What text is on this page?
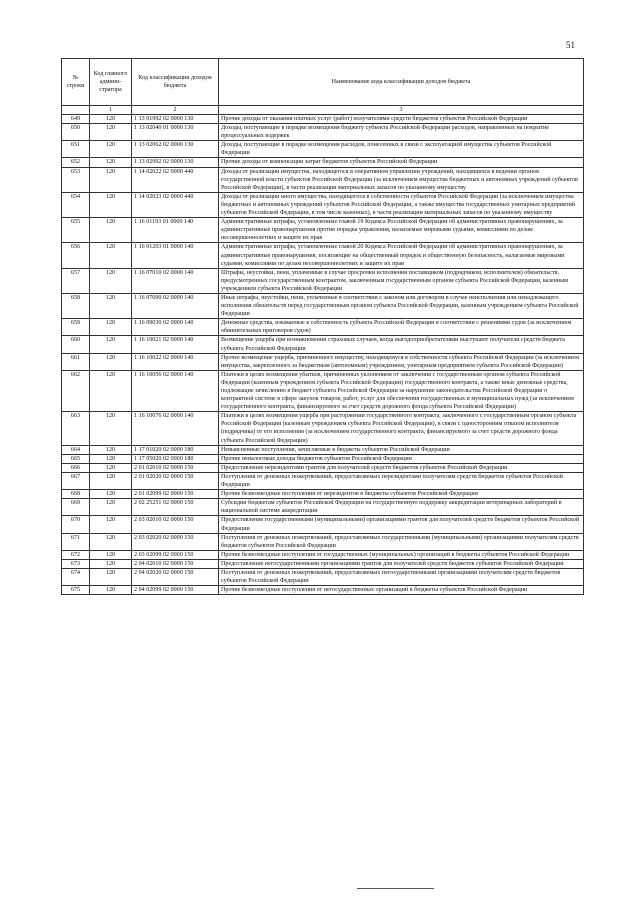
51
№ строки	Код главного админи-стратора	Код классификации доходов бюджета	Наименование кода классификации доходов бюджета
	1	2	3
649	120	1 13 01992 02 0000 130	Прочие доходы от оказания платных услуг (работ) получателями средств бюджетов субъектов Российской Федерации
650	120	1 13 02040 01 0000 130	Доходы, поступающие в порядке возмещения бюджету субъекта Российской Федерации расходов, направленных на покрытие процессуальных издержек
651	120	1 13 02062 02 0000 130	Доходы, поступающие в порядке возмещения расходов, понесенных в связи с эксплуатацией имущества субъектов Российской Федерации
652	120	1 13 02992 02 0000 130	Прочие доходы от компенсации затрат бюджетов субъектов Российской Федерации
653	120	1 14 02022 02 0000 440	Доходы от реализации имущества, находящегося в оперативном управлении учреждений, находящихся в ведении органов государственной власти субъектов Российской Федерации (за исключением имущества бюджетных и автономных учреждений субъектов Российской Федерации), в части реализации материальных запасов по указанному имуществу
654	120	1 14 02023 02 0000 440	Доходы от реализации иного имущества, находящегося в собственности субъектов Российской Федерации (за исключением имущества бюджетных и автономных учреждений субъектов Российской Федерации, а также имущества государственных унитарных предприятий субъектов Российской Федерации, в том числе казенных), в части реализации материальных запасов по указанному имуществу
655	120	1 16 01193 01 0000 140	Административные штрафы, установленные главой 19 Кодекса Российской Федерации об административных правонарушениях, за административные правонарушения против порядка управления, налагаемые мировыми судьями, комиссиями по делам несовершеннолетних и защите их прав
656	120	1 16 01203 01 0000 140	Административные штрафы, установленные главой 20 Кодекса Российской Федерации об административных правонарушениях, за административные правонарушения, посягающие на общественный порядок и общественную безопасность, налагаемые мировыми судьями, комиссиями по делам несовершеннолетних и защите их прав
657	120	1 16 07010 02 0000 140	Штрафы, неустойки, пени, уплаченные в случае просрочки исполнения поставщиком (подрядчиком, исполнителем) обязательств, предусмотренных государственным контрактом, заключенным государственным органом субъекта Российской Федерации, казенным учреждением субъекта Российской Федерации
658	120	1 16 07090 02 0000 140	Иные штрафы, неустойки, пени, уплаченные в соответствии с законом или договором в случае неисполнения или ненадлежащего исполнения обязательств перед государственным органом субъекта Российской Федерации, казенным учреждением субъекта Российской Федерации
659	120	1 16 09030 02 0000 140	Денежные средства, изымаемые в собственность субъекта Российской Федерации в соответствии с решениями судов (за исключением обвинительных приговоров судов)
660	120	1 16 10021 02 0000 140	Возмещение ущерба при возникновении страховых случаев, когда выгодоприобретателями выступают получатели средств бюджета субъекта Российской Федерации
661	120	1 16 10022 02 0000 140	Прочее возмещение ущерба, причиненного имуществу, находящемуся в собственности субъекта Российской Федерации (за исключением имущества, закрепленного за бюджетным (автономным) учреждением, унитарным предприятием субъекта Российской Федерации)
662	120	1 16 10056 02 0000 140	Платежи в целях возмещения убытков, причиненных уклонением от заключения с государственным органом субъекта Российской Федерации (казенным учреждением субъекта Российской Федерации) государственного контракта, а также иные денежные средства, подлежащие зачислению в бюджет субъекта Российской Федерации за нарушение законодательства Российской Федерации о контрактной системе в сфере закупок товаров, работ, услуг для обеспечения государственных и муниципальных нужд (за исключением государственного контракта, финансируемого за счет средств дорожного фонда субъекта Российской Федерации)
663	120	1 16 10076 02 0000 140	Платежи в целях возмещения ущерба при расторжении государственного контракта, заключенного с государственным органом субъекта Российской Федерации (казенным учреждением субъекта Российской Федерации), в связи с односторонним отказом исполнителя (подрядчика) от его исполнения (за исключением государственного контракта, финансируемого за счет средств дорожного фонда субъекта Российской Федерации)
664	120	1 17 01020 02 0000 180	Невыясненные поступления, зачисляемые в бюджеты субъектов Российской Федерации
665	120	1 17 05020 02 0000 180	Прочие неналоговые доходы бюджетов субъектов Российской Федерации
666	120	2 01 02010 02 0000 150	Предоставление нерезидентами грантов для получателей средств бюджетов субъектов Российской Федерации
667	120	2 01 02020 02 0000 150	Поступления от денежных пожертвований, предоставляемых нерезидентами получателям средств бюджетов субъектов Российской Федерации
668	120	2 01 02099 02 0000 150	Прочие безвозмездные поступления от нерезидентов в бюджеты субъектов Российской Федерации
669	120	2 02 25251 02 0000 150	Субсидии бюджетам субъектов Российской Федерации на государственную поддержку аккредитации ветеринарных лабораторий в национальной системе аккредитации
670	120	2 03 02010 02 0000 150	Предоставление государственными (муниципальными) организациями грантов для получателей средств бюджетов субъектов Российской Федерации
671	120	2 03 02020 02 0000 150	Поступления от денежных пожертвований, предоставляемых государственными (муниципальными) организациями получателям средств бюджетов субъектов Российской Федерации
672	120	2 03 02099 02 0000 150	Прочие безвозмездные поступления от государственных (муниципальных) организаций в бюджеты субъектов Российской Федерации
673	120	2 04 02010 02 0000 150	Предоставление негосударственными организациями грантов для получателей средств бюджетов субъектов Российской Федерации
674	120	2 04 02020 02 0000 150	Поступления от денежных пожертвований, предоставляемых негосударственными организациями получателям средств бюджетов субъектов Российской Федерации
675	120	2 04 02099 02 0000 150	Прочие безвозмездные поступления от негосударственных организаций в бюджеты субъектов Российской Федерации
